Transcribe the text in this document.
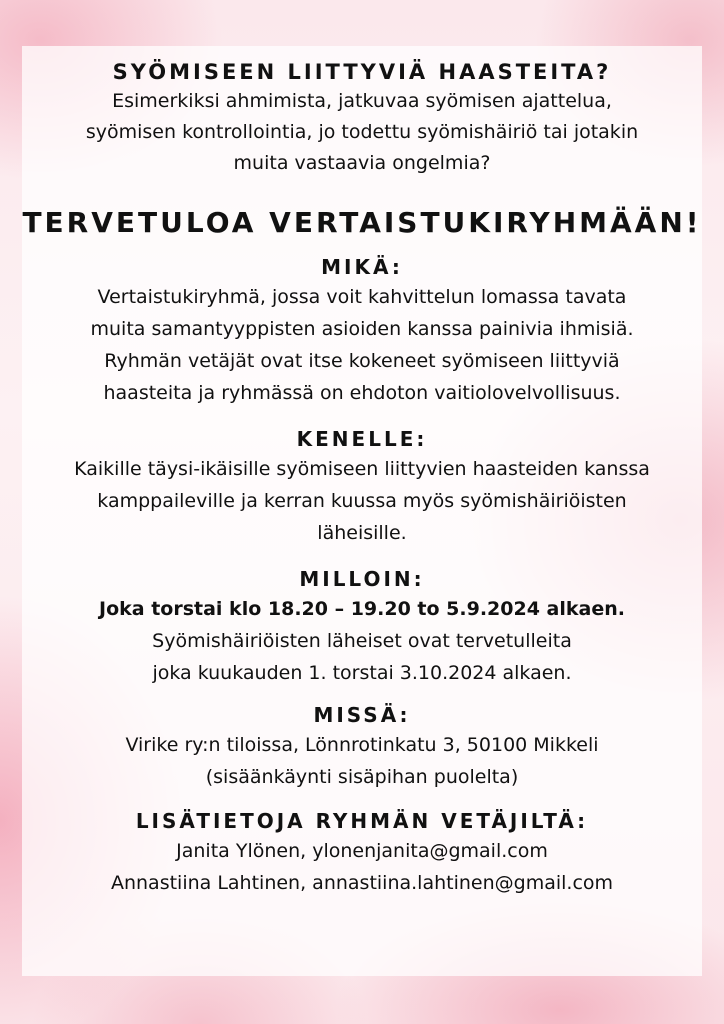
SYÖMISEEN LIITTYVIÄ HAASTEITA?

Esimerkiksi ahmimista, jatkuvaa syömisen ajattelua,
syömisen kontrollointia, jo todettu syömishäiriö tai jotakin
muita vastaavia ongelmia?

TERVETULOA VERTAISTUKIRYHMÄÄN!

MIKÄ:

Vertaistukiryhmä, jossa voit kahvittelun lomassa tavata
muita samantyyppisten asioiden kanssa painivia ihmisiä.
Ryhmän vetäjät ovat itse kokeneet syömiseen liittyviä
haasteita ja ryhmässä on ehdoton vaitiolovelvollisuus.

KENELLE:

Kaikille täysi-ikäisille syömiseen liittyvien haasteiden kanssa
kamppaileville ja kerran kuussa myös syömishäiriöisten
läheisille.

MILLOIN:

Joka torstai klo 18.20 – 19.20 to 5.9.2024 alkaen.

Syömishäiriöisten läheiset ovat tervetulleita
joka kuukauden 1. torstai 3.10.2024 alkaen.

MISSÄ:

Virike ry:n tiloissa, Lönnrotinkatu 3, 50100 Mikkeli
(sisäänkäynti sisäpihan puolelta)

LISÄTIETOJA RYHMÄN VETÄJILTÄ:

Janita Ylönen, ylonenjanita@gmail.com

Annastiina Lahtinen, annastiina.lahtinen@gmail.com
